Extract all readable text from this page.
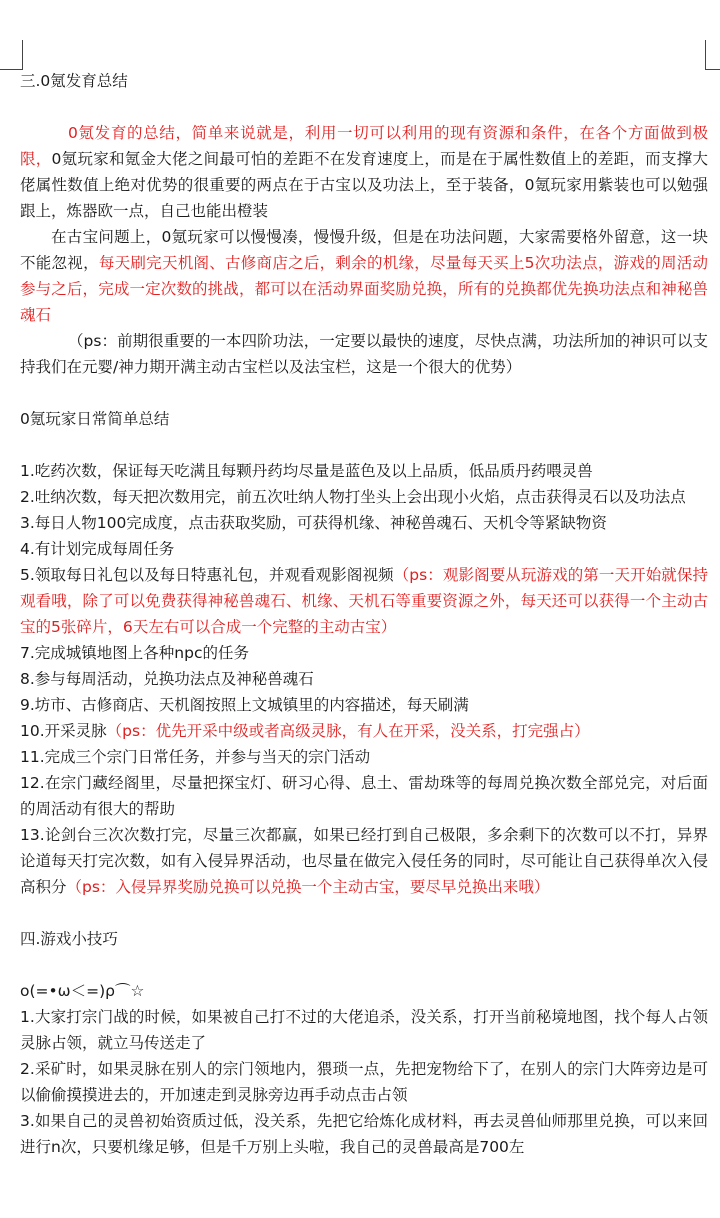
三.0氪发育总结

0氪发育的总结，简单来说就是，利用一切可以利用的现有资源和条件，在各个方面做到极限，0氪玩家和氪金大佬之间最可怕的差距不在发育速度上，而是在于属性数值上的差距，而支撑大佬属性数值上绝对优势的很重要的两点在于古宝以及功法上，至于装备，0氪玩家用紫装也可以勉强跟上，炼器欧一点，自己也能出橙装

在古宝问题上，0氪玩家可以慢慢凑，慢慢升级，但是在功法问题，大家需要格外留意，这一块不能忽视，每天刷完天机阁、古修商店之后，剩余的机缘，尽量每天买上5次功法点，游戏的周活动参与之后，完成一定次数的挑战，都可以在活动界面奖励兑换，所有的兑换都优先换功法点和神秘兽魂石

（ps：前期很重要的一本四阶功法，一定要以最快的速度，尽快点满，功法所加的神识可以支持我们在元婴/神力期开满主动古宝栏以及法宝栏，这是一个很大的优势）

0氪玩家日常简单总结

1.吃药次数，保证每天吃满且每颗丹药均尽量是蓝色及以上品质，低品质丹药喂灵兽

2.吐纳次数，每天把次数用完，前五次吐纳人物打坐头上会出现小火焰，点击获得灵石以及功法点

3.每日人物100完成度，点击获取奖励，可获得机缘、神秘兽魂石、天机令等紧缺物资

4.有计划完成每周任务

5.领取每日礼包以及每日特惠礼包，并观看观影阁视频（ps：观影阁要从玩游戏的第一天开始就保持观看哦，除了可以免费获得神秘兽魂石、机缘、天机石等重要资源之外，每天还可以获得一个主动古宝的5张碎片，6天左右可以合成一个完整的主动古宝）

7.完成城镇地图上各种npc的任务

8.参与每周活动，兑换功法点及神秘兽魂石

9.坊市、古修商店、天机阁按照上文城镇里的内容描述，每天刷满

10.开采灵脉（ps：优先开采中级或者高级灵脉，有人在开采，没关系，打完强占）

11.完成三个宗门日常任务，并参与当天的宗门活动

12.在宗门藏经阁里，尽量把探宝灯、研习心得、息土、雷劫珠等的每周兑换次数全部兑完，对后面的周活动有很大的帮助

13.论剑台三次次数打完，尽量三次都赢，如果已经打到自己极限，多余剩下的次数可以不打，异界论道每天打完次数，如有入侵异界活动，也尽量在做完入侵任务的同时，尽可能让自己获得单次入侵高积分（ps：入侵异界奖励兑换可以兑换一个主动古宝，要尽早兑换出来哦）

四.游戏小技巧

o(=•ω＜=)ρ⌒☆

1.大家打宗门战的时候，如果被自己打不过的大佬追杀，没关系，打开当前秘境地图，找个每人占领灵脉占领，就立马传送走了

2.采矿时，如果灵脉在别人的宗门领地内，猥琐一点，先把宠物给下了，在别人的宗门大阵旁边是可以偷偷摸摸进去的，开加速走到灵脉旁边再手动点击占领

3.如果自己的灵兽初始资质过低，没关系，先把它给炼化成材料，再去灵兽仙师那里兑换，可以来回进行n次，只要机缘足够，但是千万别上头啦，我自己的灵兽最高是700左
